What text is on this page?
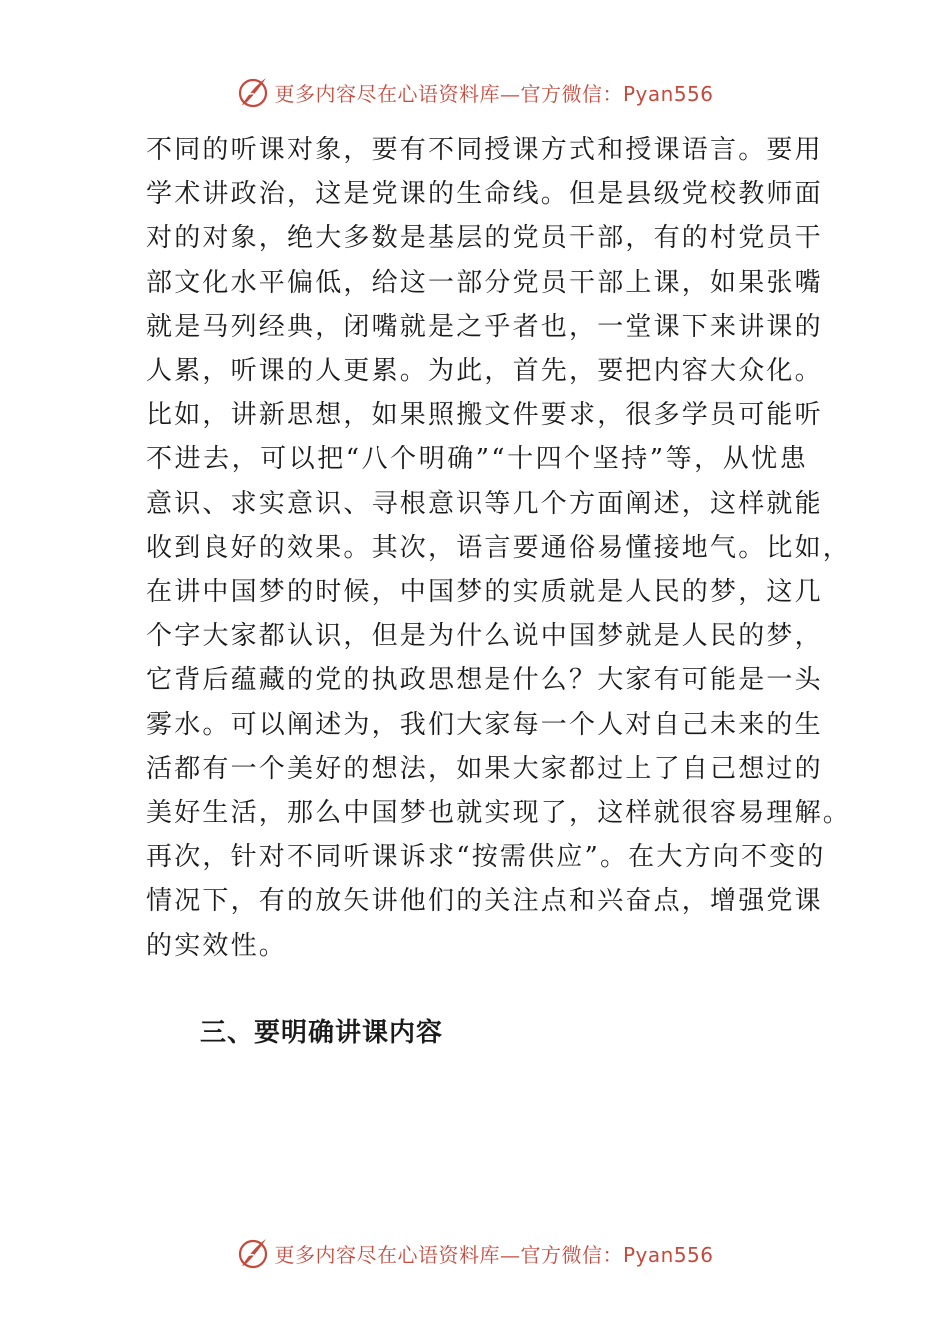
更多内容尽在心语资料库—官方微信：Pyan556

不同的听课对象，要有不同授课方式和授课语言。要用
学术讲政治，这是党课的生命线。但是县级党校教师面
对的对象，绝大多数是基层的党员干部，有的村党员干
部文化水平偏低，给这一部分党员干部上课，如果张嘴
就是马列经典，闭嘴就是之乎者也，一堂课下来讲课的
人累，听课的人更累。为此，首先，要把内容大众化。
比如，讲新思想，如果照搬文件要求，很多学员可能听
不进去，可以把“八个明确”“十四个坚持”等，从忧患
意识、求实意识、寻根意识等几个方面阐述，这样就能
收到良好的效果。其次，语言要通俗易懂接地气。比如，
在讲中国梦的时候，中国梦的实质就是人民的梦，这几
个字大家都认识，但是为什么说中国梦就是人民的梦，
它背后蕴藏的党的执政思想是什么？大家有可能是一头
雾水。可以阐述为，我们大家每一个人对自己未来的生
活都有一个美好的想法，如果大家都过上了自己想过的
美好生活，那么中国梦也就实现了，这样就很容易理解。
再次，针对不同听课诉求“按需供应”。在大方向不变的
情况下，有的放矢讲他们的关注点和兴奋点，增强党课
的实效性。

三、要明确讲课内容
更多内容尽在心语资料库—官方微信：Pyan556
